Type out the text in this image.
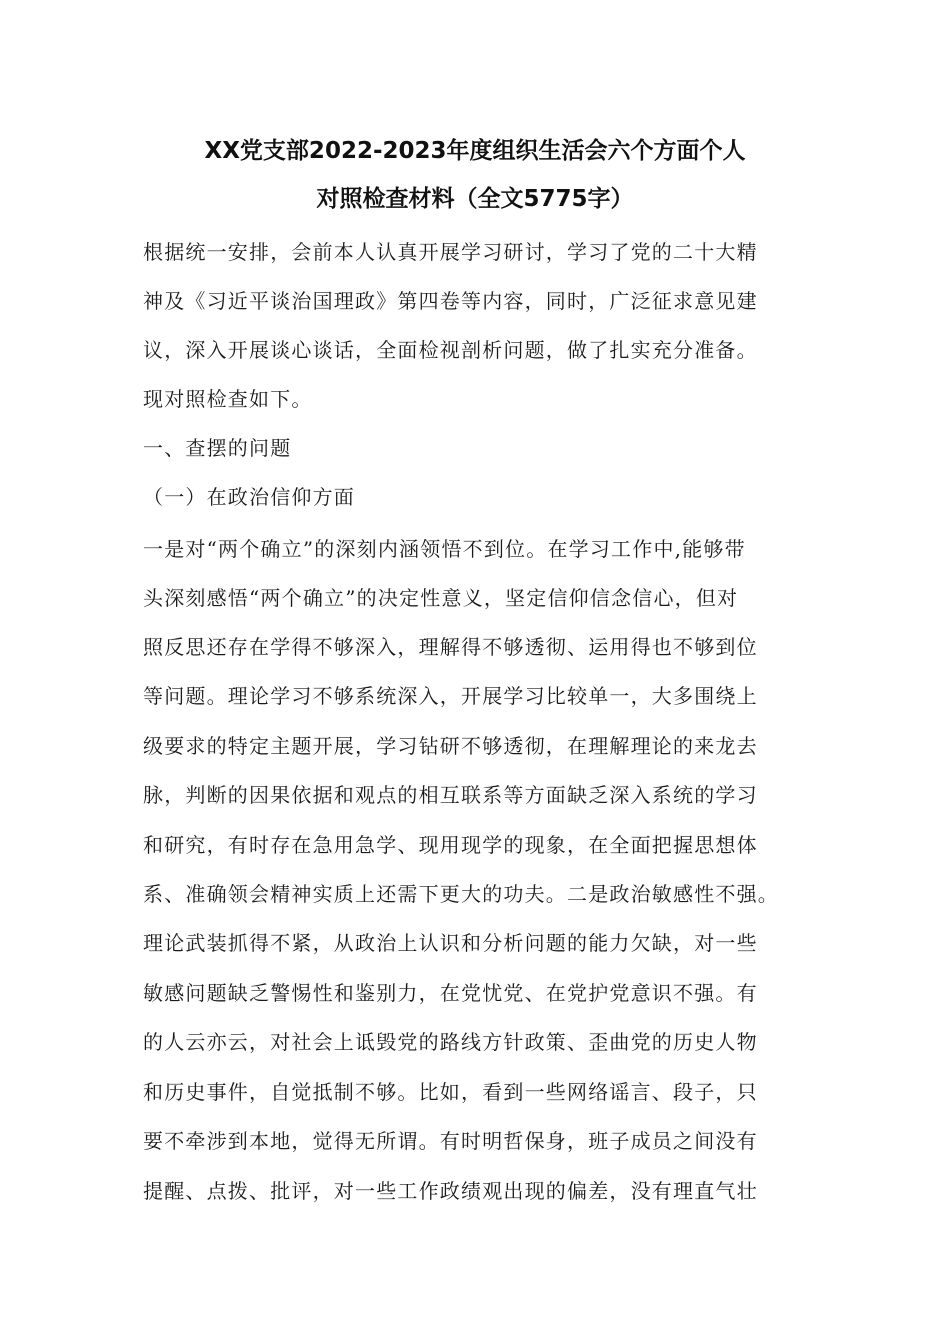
XX党支部2022-2023年度组织生活会六个方面个人
对照检查材料（全文5775字）

根据统一安排，会前本人认真开展学习研讨，学习了党的二十大精

神及《习近平谈治国理政》第四卷等内容，同时，广泛征求意见建

议，深入开展谈心谈话，全面检视剖析问题，做了扎实充分准备。

现对照检查如下。

一、查摆的问题

（一）在政治信仰方面

一是对“两个确立”的深刻内涵领悟不到位。在学习工作中,能够带

头深刻感悟“两个确立”的决定性意义，坚定信仰信念信心，但对

照反思还存在学得不够深入，理解得不够透彻、运用得也不够到位

等问题。理论学习不够系统深入，开展学习比较单一，大多围绕上

级要求的特定主题开展，学习钻研不够透彻，在理解理论的来龙去

脉，判断的因果依据和观点的相互联系等方面缺乏深入系统的学习

和研究，有时存在急用急学、现用现学的现象，在全面把握思想体

系、准确领会精神实质上还需下更大的功夫。二是政治敏感性不强。

理论武装抓得不紧，从政治上认识和分析问题的能力欠缺，对一些

敏感问题缺乏警惕性和鉴别力，在党忧党、在党护党意识不强。有

的人云亦云，对社会上诋毁党的路线方针政策、歪曲党的历史人物

和历史事件，自觉抵制不够。比如，看到一些网络谣言、段子，只

要不牵涉到本地，觉得无所谓。有时明哲保身，班子成员之间没有

提醒、点拨、批评，对一些工作政绩观出现的偏差，没有理直气壮
